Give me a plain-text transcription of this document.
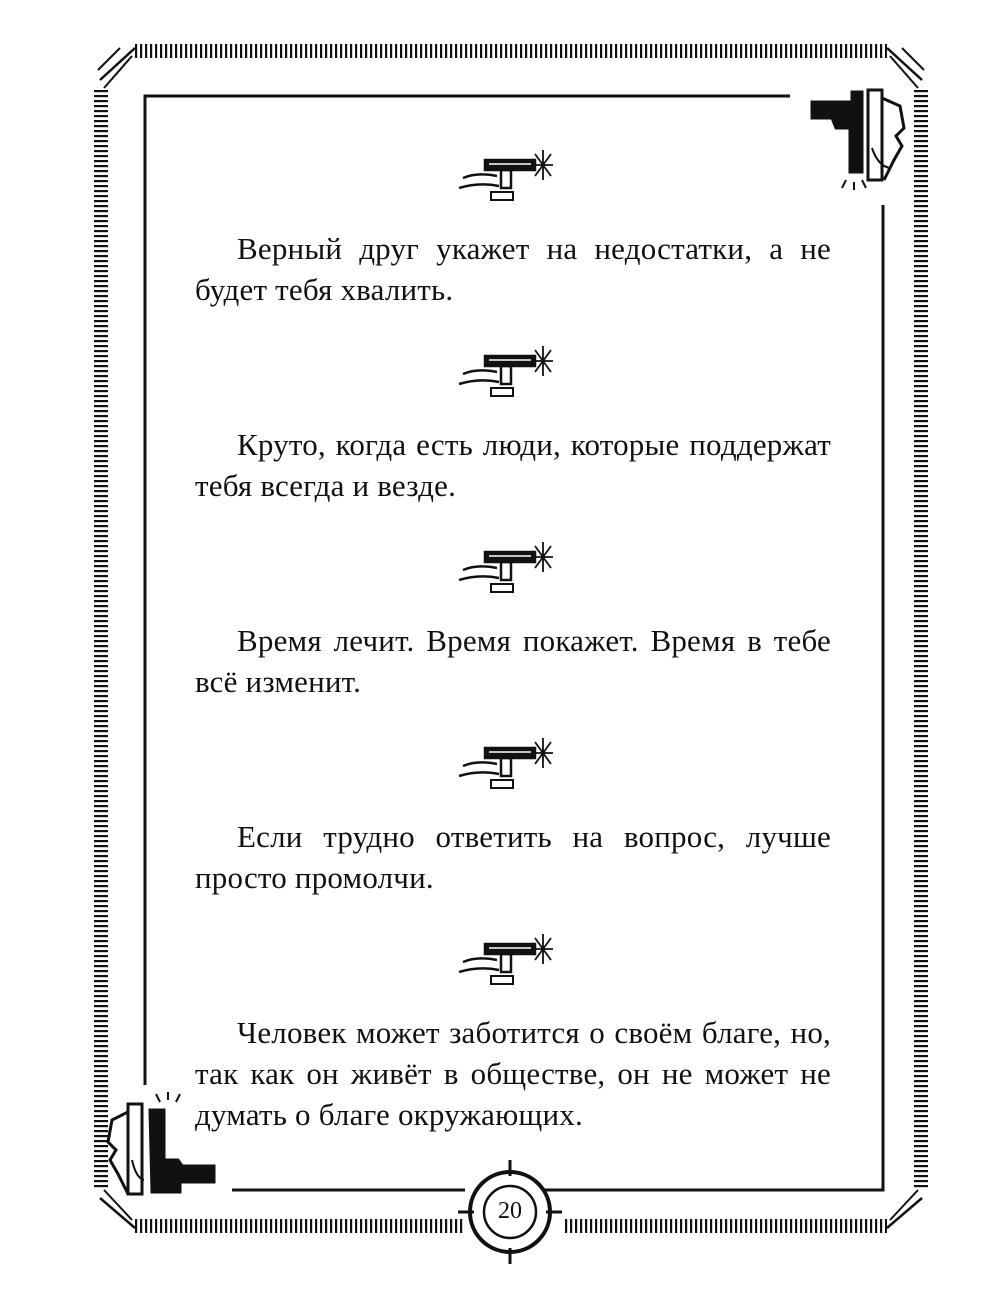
Верный друг укажет на недостатки, а не будет тебя хвалить.

Круто, когда есть люди, которые поддержат тебя всегда и везде.

Время лечит. Время покажет. Время в тебе всё изменит.

Если трудно ответить на вопрос, лучше просто промолчи.

Человек может заботится о своём благе, но, так как он живёт в обществе, он не может не думать о благе окружающих.

20
